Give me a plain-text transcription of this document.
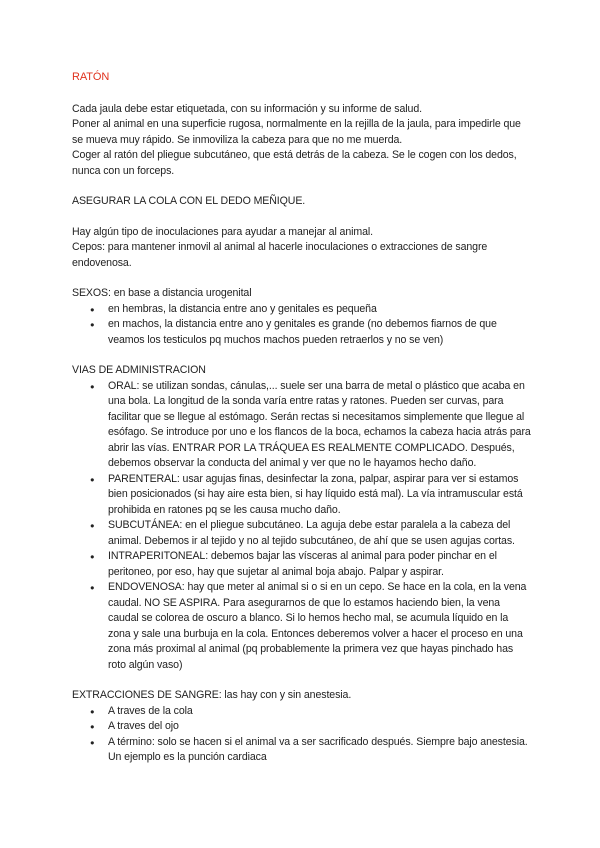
RATÓN

Cada jaula debe estar etiquetada, con su información y su informe de salud.

Poner al animal en una superficie rugosa, normalmente en la rejilla de la jaula, para impedirle que se mueva muy rápido. Se inmoviliza la cabeza para que no me muerda.

Coger al ratón del pliegue subcutáneo, que está detrás de la cabeza. Se le cogen con los dedos, nunca con un forceps.

ASEGURAR LA COLA CON EL DEDO MEÑIQUE.

Hay algún tipo de inoculaciones para ayudar a manejar al animal.

Cepos: para mantener inmovil al animal al hacerle inoculaciones o extracciones de sangre endovenosa.

SEXOS: en base a distancia urogenital

● en hembras, la distancia entre ano y genitales es pequeña
● en machos, la distancia entre ano y genitales es grande (no debemos fiarnos de que veamos los testiculos pq muchos machos pueden retraerlos y no se ven)

VIAS DE ADMINISTRACION

● ORAL: se utilizan sondas, cánulas,... suele ser una barra de metal o plástico que acaba en una bola. La longitud de la sonda varía entre ratas y ratones. Pueden ser curvas, para facilitar que se llegue al estómago. Serán rectas si necesitamos simplemente que llegue al esófago. Se introduce por uno e los flancos de la boca, echamos la cabeza hacia atrás para abrir las vías. ENTRAR POR LA TRÁQUEA ES REALMENTE COMPLICADO. Después, debemos observar la conducta del animal y ver que no le hayamos hecho daño.
● PARENTERAL: usar agujas finas, desinfectar la zona, palpar, aspirar para ver si estamos bien posicionados (si hay aire esta bien, si hay líquido está mal). La vía intramuscular está prohibida en ratones pq se les causa mucho daño.
● SUBCUTÁNEA: en el pliegue subcutáneo. La aguja debe estar paralela a la cabeza del animal. Debemos ir al tejido y no al tejido subcutáneo, de ahí que se usen agujas cortas.
● INTRAPERITONEAL: debemos bajar las vísceras al animal para poder pinchar en el peritoneo, por eso, hay que sujetar al animal boja abajo. Palpar y aspirar.
● ENDOVENOSA: hay que meter al animal si o si en un cepo. Se hace en la cola, en la vena caudal. NO SE ASPIRA. Para asegurarnos de que lo estamos haciendo bien, la vena caudal se colorea de oscuro a blanco. Si lo hemos hecho mal, se acumula líquido en la zona y sale una burbuja en la cola. Entonces deberemos volver a hacer el proceso en una zona más proximal al animal (pq probablemente la primera vez que hayas pinchado has roto algún vaso)

EXTRACCIONES DE SANGRE: las hay con y sin anestesia.

● A traves de la cola
● A traves del ojo
● A término: solo se hacen si el animal va a ser sacrificado después. Siempre bajo anestesia. Un ejemplo es la punción cardiaca
